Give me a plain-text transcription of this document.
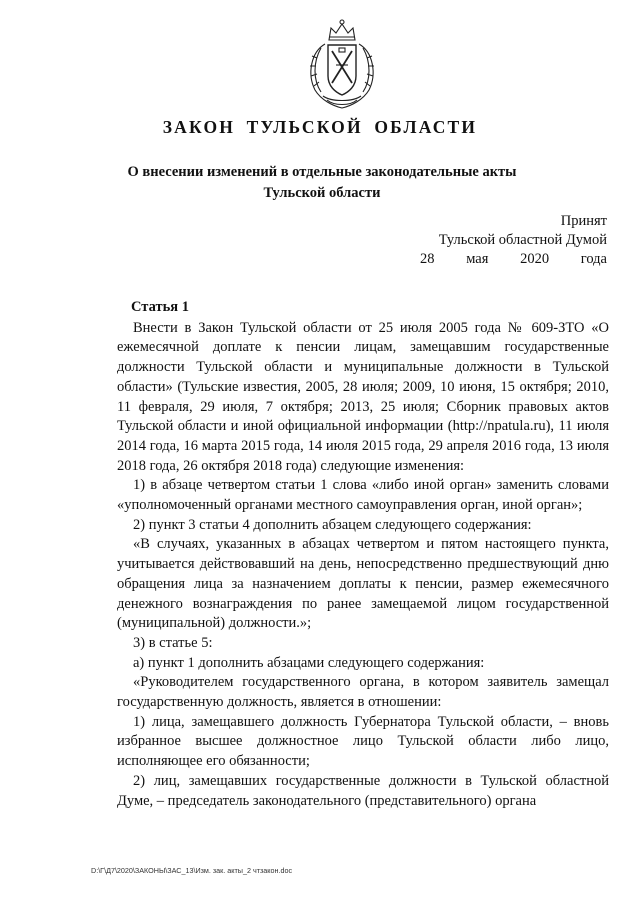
ЗАКОН ТУЛЬСКОЙ ОБЛАСТИ
О внесении изменений в отдельные законодательные акты Тульской области
Принят
Тульской областной Думой
28 мая 2020 года

Статья 1

Внести в Закон Тульской области от 25 июля 2005 года № 609-ЗТО «О ежемесячной доплате к пенсии лицам, замещавшим государственные должности Тульской области и муниципальные должности в Тульской области» (Тульские известия, 2005, 28 июля; 2009, 10 июня, 15 октября; 2010, 11 февраля, 29 июля, 7 октября; 2013, 25 июля; Сборник правовых актов Тульской области и иной официальной информации (http://npatula.ru), 11 июля 2014 года, 16 марта 2015 года, 14 июля 2015 года, 29 апреля 2016 года, 13 июля 2018 года, 26 октября 2018 года) следующие изменения:

1) в абзаце четвертом статьи 1 слова «либо иной орган» заменить словами «уполномоченный органами местного самоуправления орган, иной орган»;

2) пункт 3 статьи 4 дополнить абзацем следующего содержания:

«В случаях, указанных в абзацах четвертом и пятом настоящего пункта, учитывается действовавший на день, непосредственно предшествующий дню обращения лица за назначением доплаты к пенсии, размер ежемесячного денежного вознаграждения по ранее замещаемой лицом государственной (муниципальной) должности.»;

3) в статье 5:

а) пункт 1 дополнить абзацами следующего содержания:

«Руководителем государственного органа, в котором заявитель замещал государственную должность, является в отношении:

1) лица, замещавшего должность Губернатора Тульской области, – вновь избранное высшее должностное лицо Тульской области либо лицо, исполняющее его обязанности;

2) лиц, замещавших государственные должности в Тульской областной Думе, – председатель законодательного (представительного) органа

D:\Г\Д7\2020\ЗАКОНЫ\ЗАС_13\Изм. зак. акты_2 чтзакон.doc
